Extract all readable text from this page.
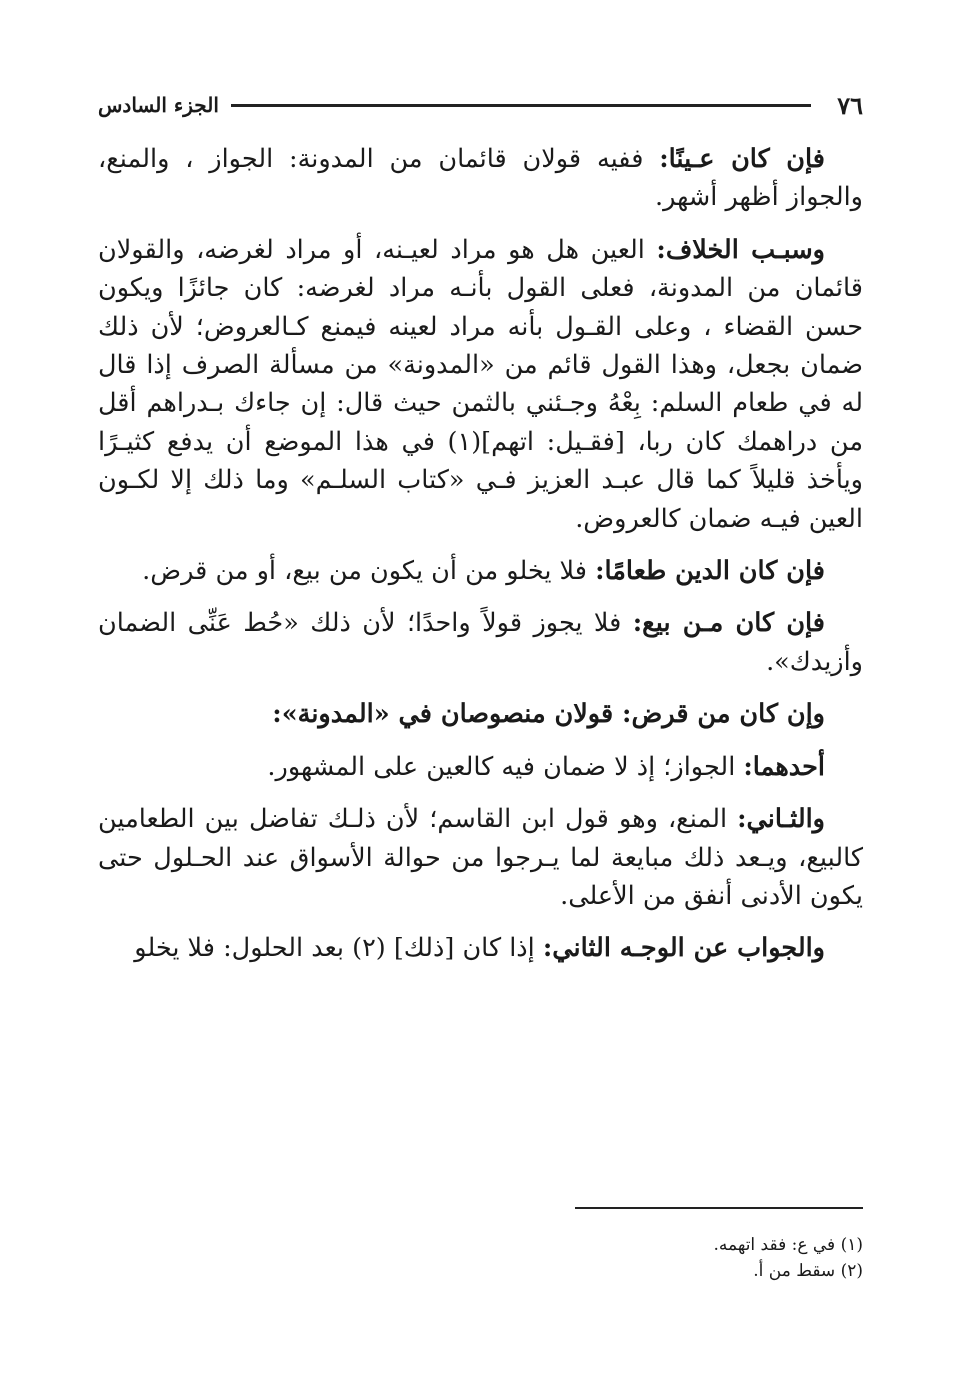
٧٦
الجزء السادس

فإن كان عـينًا: ففيه قولان قائمان من المدونة: الجواز ، والمنع، والجواز أظهر أشهر.

وسبـب الخلاف: العين هل هو مراد لعيـنه، أو مراد لغرضه، والقولان قائمان من المدونة، فعلى القول بأنـه مراد لغرضه: كان جائزًا ويكون حسن القضاء ، وعلى القـول بأنه مراد لعينه فيمنع كـالعروض؛ لأن ذلك ضمان بجعل، وهذا القول قائم من «المدونة» من مسألة الصرف إذا قال له في طعام السلم: بِعْهُ وجـئني بالثمن حيث قال: إن جاءك بـدراهم أقل من دراهمك كان ربا، [فقـيل: اتهم](١) في هذا الموضع أن يدفع كثيـرًا ويأخذ قليلاً كما قال عبـد العزيز فـي «كتاب السلـم» وما ذلك إلا لكـون العين فيـه ضمان كالعروض.

فإن كان الدين طعامًا: فلا يخلو من أن يكون من بيع، أو من قرض.

فإن كان مـن بيع: فلا يجوز قولاً واحدًا؛ لأن ذلك «حُط عَنِّى الضمان وأزيدك».

وإن كان من قرض: قولان منصوصان في «المدونة»:

أحدهما: الجواز؛ إذ لا ضمان فيه كالعين على المشهور.

والثـاني: المنع، وهو قول ابن القاسم؛ لأن ذلـك تفاضل بين الطعامين كالبيع، ويـعد ذلك مبايعة لما يـرجوا من حوالة الأسواق عند الحـلول حتى يكون الأدنى أنفق من الأعلى.

والجواب عن الوجـه الثاني: إذا كان [ذلك] (٢) بعد الحلول: فلا يخلو

(١) في ع: فقد اتهمه.

(٢) سقط من أ.
